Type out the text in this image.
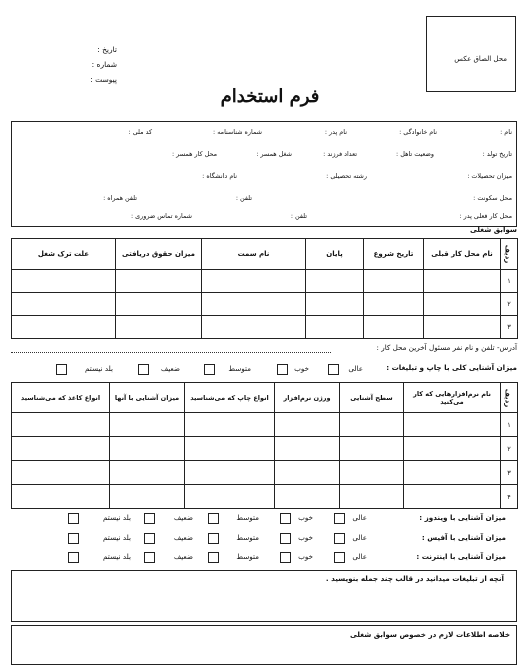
محل الصاق عکس
تاریخ :
شماره :
پیوست :
فرم استخدام
نام :
نام خانوادگی :
نام پدر :
شماره شناسنامه :
کد ملی :
تاریخ تولد :
وضعیت تاهل :
تعداد فرزند :
شغل همسر :
محل کار همسر :
میزان تحصیلات :
رشته تحصیلی :
نام دانشگاه :
محل سکونت :
تلفن :
تلفن همراه :
محل کار فعلی پدر :
تلفن :
شماره تماس ضروری :
سوابق شغلی
ردیف	نام محل کار قبلی	تاریخ شروع	پایان	نام سمت	میزان حقوق دریافتی	علت ترک شغل
۱						
۲						
۳						
آدرس- تلفن و نام نفر مسئول آخرین محل کار :
میزان آشنایی کلی با چاپ و تبلیغات :
عالی
خوب
متوسط
ضعیف
بلد نیستم
ردیف	نام نرم‌افزارهایی که کار می‌کنید	سطح آشنایی	ورژن نرم‌افزار	انواع چاپ که می‌شناسید	میزان آشنایی با آنها	انواع کاغذ که می‌شناسید
۱						
۲						
۳						
۴						
میزان آشنایی با ویندوز :
عالی
خوب
متوسط
ضعیف
بلد نیستم
میزان آشنایی با آفیس :
عالی
خوب
متوسط
ضعیف
بلد نیستم
میزان آشنایی با اینترنت :
عالی
خوب
متوسط
ضعیف
بلد نیستم
آنچه از تبلیغات میدانید در قالب چند جمله بنویسید .
خلاصه اطلاعات لازم در خصوص سوابق شغلی
